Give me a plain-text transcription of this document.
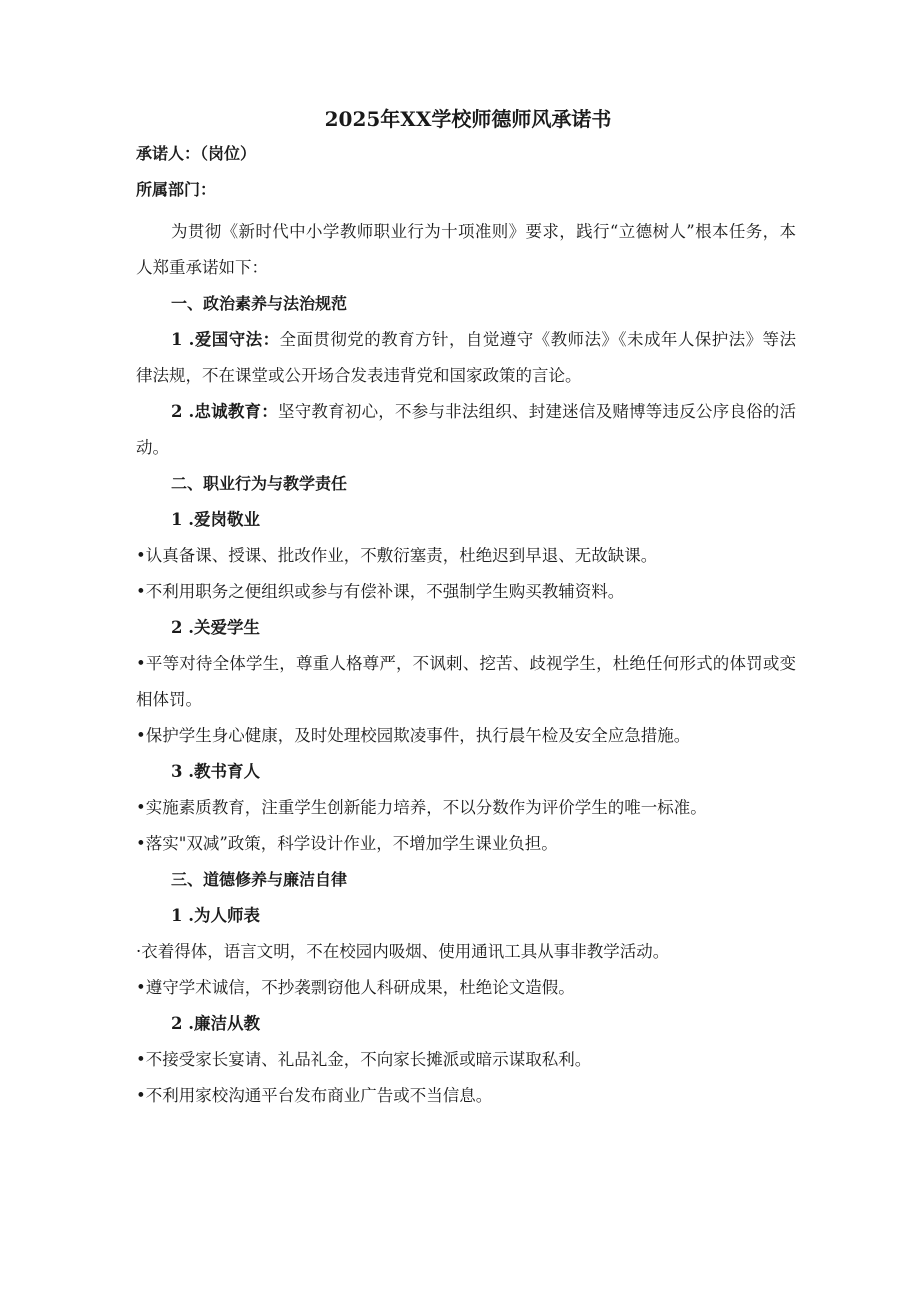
2025年XX学校师德师风承诺书

承诺人：（岗位）

所属部门：

为贯彻《新时代中小学教师职业行为十项准则》要求，践行“立德树人”根本任务，本人郑重承诺如下：

一、政治素养与法治规范

1 .爱国守法：全面贯彻党的教育方针，自觉遵守《教师法》《未成年人保护法》等法律法规，不在课堂或公开场合发表违背党和国家政策的言论。

2 .忠诚教育：坚守教育初心，不参与非法组织、封建迷信及赌博等违反公序良俗的活动。

二、职业行为与教学责任

1 .爱岗敬业

•认真备课、授课、批改作业，不敷衍塞责，杜绝迟到早退、无故缺课。

•不利用职务之便组织或参与有偿补课，不强制学生购买教辅资料。

2 .关爱学生

•平等对待全体学生，尊重人格尊严，不讽刺、挖苦、歧视学生，杜绝任何形式的体罚或变相体罚。

•保护学生身心健康，及时处理校园欺凌事件，执行晨午检及安全应急措施。

3 .教书育人

•实施素质教育，注重学生创新能力培养，不以分数作为评价学生的唯一标准。

•落实"双减”政策，科学设计作业，不增加学生课业负担。

三、道德修养与廉洁自律

1 .为人师表

·衣着得体，语言文明，不在校园内吸烟、使用通讯工具从事非教学活动。

•遵守学术诚信，不抄袭剽窃他人科研成果，杜绝论文造假。

2 .廉洁从教

•不接受家长宴请、礼品礼金，不向家长摊派或暗示谋取私利。

•不利用家校沟通平台发布商业广告或不当信息。
